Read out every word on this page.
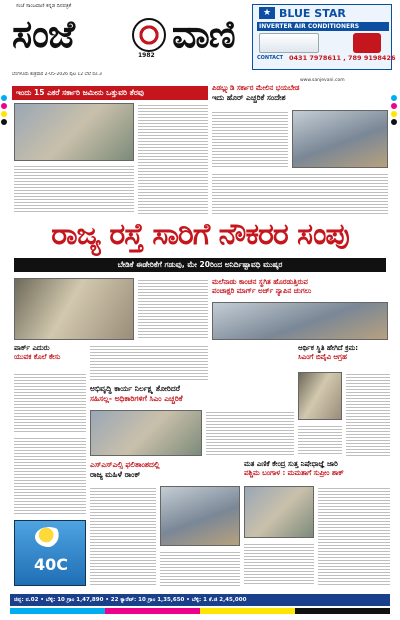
ಸಂಜೆ ಸಾಂಜವಾಣಿ ಕನ್ನಡ ದಿನಪತ್ರಿಕೆ
ಸಂಜೆ	1982 ವಾಣಿ
ಬೆಂಗಳೂರು ಶುಕ್ರವಾರ 2-05-2026 ಪುಟ 12 ಬೆಲೆ ರೂ.3
www.sanjevani.com
BLUE STAR
★
INVERTER AIR CONDITIONERS
CONTACT 0431 7978611 , 789 9198426
ಇಂದು 15 ಎಕರೆ ಸರ್ಕಾರಿ ಜಮೀನು ಒತ್ತುವರಿ ತೆರವು	ಪಿಡಬ್ಲ್ಯುಡಿ ಸರ್ಕಾರ ಮೇಲಿನ ಭಯಬೇಡ
ಇದು ಹೊರ್ ಎಚ್ಚರಿಕೆ ಸಂದೇಶ
ರಾಜ್ಯ ರಸ್ತೆ ಸಾರಿಗೆ ನೌಕರರ ಸಂಪು
ಬೇಡಿಕೆ ಈಡೇರಿಕೆಗೆ ಗಡುವು, ಮೇ 20ರಿಂದ ಅನಿರ್ದಿಷ್ಟಾವಧಿ ಮುಷ್ಕರ
ಮಲೆನಾಡು ಕಾಂಚನ ಸ್ಥಗಿತ ಹೊರಡುತ್ತಿರುವ
ಪಂಚಾಕ್ಷರಿ ಮಾರ್ಗ್ ಅರ್ಜ್ ನ್ಯಾಪಿನ ಚುಗಲು
ಪಾರ್ಕ್ ಎದುರು
ಯುವಕ ಕೊಲೆ ಕೇಸು
ಅಭಿವೃದ್ಧಿ ಕಾರ್ಯ ನಿರ್ಲಕ್ಷ್ಯ ತೋರಿದರೆ
ಸಹಿಸಲ್ಲ- ಅಧಿಕಾರಿಗಳಿಗೆ ಸಿಎಂ ಎಚ್ಚರಿಕೆ
ಆರ್ಥಿಕ ಸ್ಥಿತಿ ಹೇಗಿದೆ ಕ್ರಮ:
ಸಿಎಂಗೆ ಬಿವೈವಿ ಆಗ್ರಹ
ಎಸ್ಎಸ್ಎಲ್ಸಿ ಫಲಿತಾಂಶದಲ್ಲಿ
ರಾಜ್ಯ ಮಹಿಳೆ ರಾಂಕ್
ಮತ ಎಣಿಕೆ ಕೇಂದ್ರ ಸುತ್ತ ನಿಷೇಧಾಜ್ಞೆ ಜಾರಿ
ಪಶ್ಚಿಮ ಬಂಗಾಳ : ಮಮತಾಗೆ ಸುಪ್ರೀಂ ಶಾಕ್
40C
ಚಿನ್ನ: ನ.02 • ಬೆಳ್ಳಿ: 10 ಗ್ರಾಂ 1,47,890 • 22 ಕ್ಯಾರೆಟ್: 10 ಗ್ರಾಂ 1,35,650 • ಬೆಳ್ಳಿ: 1 ಕೆ.ಜಿ 2,45,000
